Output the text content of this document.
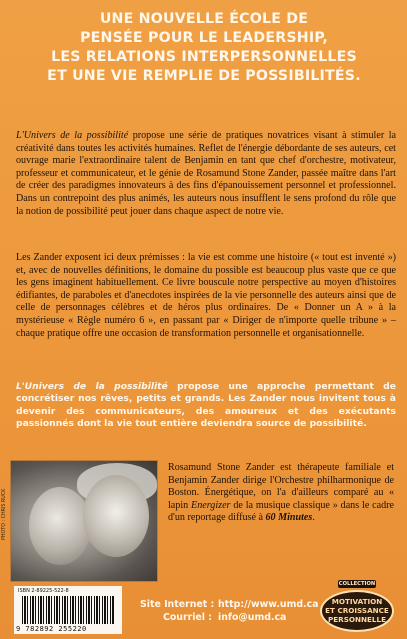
UNE NOUVELLE ÉCOLE DE
PENSÉE POUR LE LEADERSHIP,
LES RELATIONS INTERPERSONNELLES
ET UNE VIE REMPLIE DE POSSIBILITÉS.

L'Univers de la possibilité propose une série de pratiques novatrices visant à stimuler la créativité dans toutes les activités humaines. Reflet de l'énergie débordante de ses auteurs, cet ouvrage marie l'extraordinaire talent de Benjamin en tant que chef d'orchestre, motivateur, professeur et communicateur, et le génie de Rosamund Stone Zander, passée maître dans l'art de créer des paradigmes innovateurs à des fins d'épanouissement personnel et professionnel. Dans un contrepoint des plus animés, les auteurs nous insufflent le sens profond du rôle que la notion de possibilité peut jouer dans chaque aspect de notre vie.

Les Zander exposent ici deux prémisses : la vie est comme une histoire (« tout est inventé ») et, avec de nouvelles définitions, le domaine du possible est beaucoup plus vaste que ce que les gens imaginent habituellement. Ce livre bouscule notre perspective au moyen d'histoires édifiantes, de paraboles et d'anecdotes inspirées de la vie personnelle des auteurs ainsi que de celle de personnages célèbres et de héros plus ordinaires. De « Donner un A » à la mystérieuse « Règle numéro 6 », en passant par « Diriger de n'importe quelle tribune » – chaque pratique offre une occasion de transformation personnelle et organisationnelle.

L'Univers de la possibilité propose une approche permettant de concrétiser nos rêves, petits et grands. Les Zander nous invitent tous à devenir des communicateurs, des amoureux et des exécutants passionnés dont la vie tout entière deviendra source de possibilité.

PHOTO : CHRIS RUCK

Rosamund Stone Zander est thérapeute familiale et Benjamin Zander dirige l'Orchestre philharmonique de Boston. Énergétique, on l'a d'ailleurs comparé au « lapin Energizer de la musique classique » dans le cadre d'un reportage diffusé à 60 Minutes.

ISBN 2-89225-522-8
9 782892 255220
Site Internet : http://www.umd.ca
Courriel : info@umd.ca
COLLECTION
MOTIVATION
ET CROISSANCE
PERSONNELLE
